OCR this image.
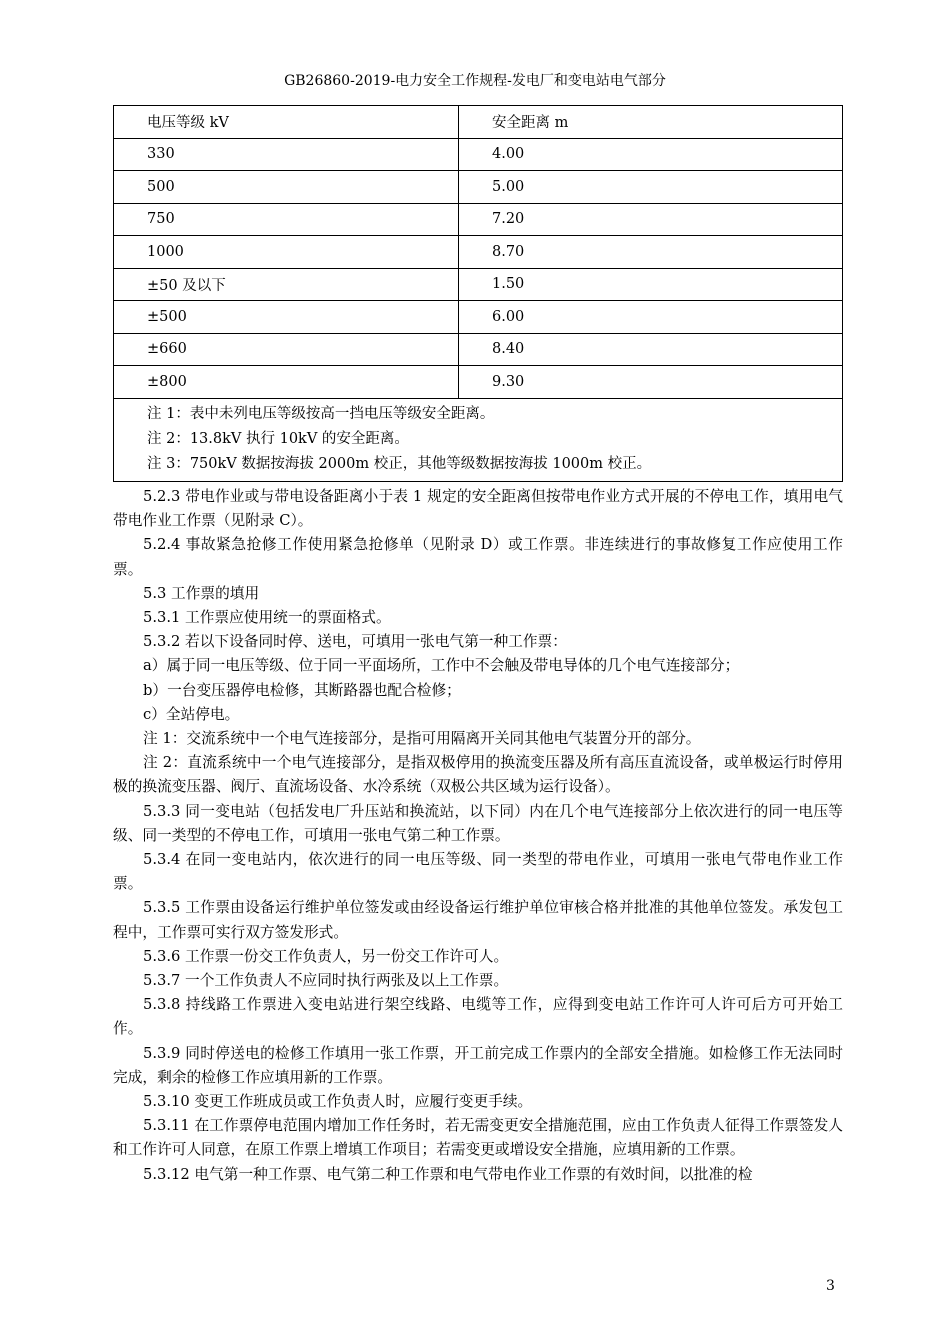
GB26860-2019-电力安全工作规程-发电厂和变电站电气部分
电压等级 kV	安全距离 m
330	4.00
500	5.00
750	7.20
1000	8.70
±50 及以下	1.50
±500	6.00
±660	8.40
±800	9.30

注 1：表中未列电压等级按高一挡电压等级安全距离。
注 2：13.8kV 执行 10kV 的安全距离。
注 3：750kV 数据按海拔 2000m 校正，其他等级数据按海拔 1000m 校正。	

5.2.3 带电作业或与带电设备距离小于表 1 规定的安全距离但按带电作业方式开展的不停电工作，填用电气带电作业工作票（见附录 C）。

5.2.4 事故紧急抢修工作使用紧急抢修单（见附录 D）或工作票。非连续进行的事故修复工作应使用工作票。

5.3 工作票的填用

5.3.1 工作票应使用统一的票面格式。

5.3.2 若以下设备同时停、送电，可填用一张电气第一种工作票：

a）属于同一电压等级、位于同一平面场所，工作中不会触及带电导体的几个电气连接部分；

b）一台变压器停电检修，其断路器也配合检修；

c）全站停电。

注 1：交流系统中一个电气连接部分，是指可用隔离开关同其他电气装置分开的部分。

注 2：直流系统中一个电气连接部分，是指双极停用的换流变压器及所有高压直流设备，或单极运行时停用极的换流变压器、阀厅、直流场设备、水冷系统（双极公共区域为运行设备）。

5.3.3 同一变电站（包括发电厂升压站和换流站，以下同）内在几个电气连接部分上依次进行的同一电压等级、同一类型的不停电工作，可填用一张电气第二种工作票。

5.3.4 在同一变电站内，依次进行的同一电压等级、同一类型的带电作业，可填用一张电气带电作业工作票。

5.3.5 工作票由设备运行维护单位签发或由经设备运行维护单位审核合格并批准的其他单位签发。承发包工程中，工作票可实行双方签发形式。

5.3.6 工作票一份交工作负责人，另一份交工作许可人。

5.3.7 一个工作负责人不应同时执行两张及以上工作票。

5.3.8 持线路工作票进入变电站进行架空线路、电缆等工作，应得到变电站工作许可人许可后方可开始工作。

5.3.9 同时停送电的检修工作填用一张工作票，开工前完成工作票内的全部安全措施。如检修工作无法同时完成，剩余的检修工作应填用新的工作票。

5.3.10 变更工作班成员或工作负责人时，应履行变更手续。

5.3.11 在工作票停电范围内增加工作任务时，若无需变更安全措施范围，应由工作负责人征得工作票签发人和工作许可人同意，在原工作票上增填工作项目；若需变更或增设安全措施，应填用新的工作票。

5.3.12 电气第一种工作票、电气第二种工作票和电气带电作业工作票的有效时间，以批准的检

3
